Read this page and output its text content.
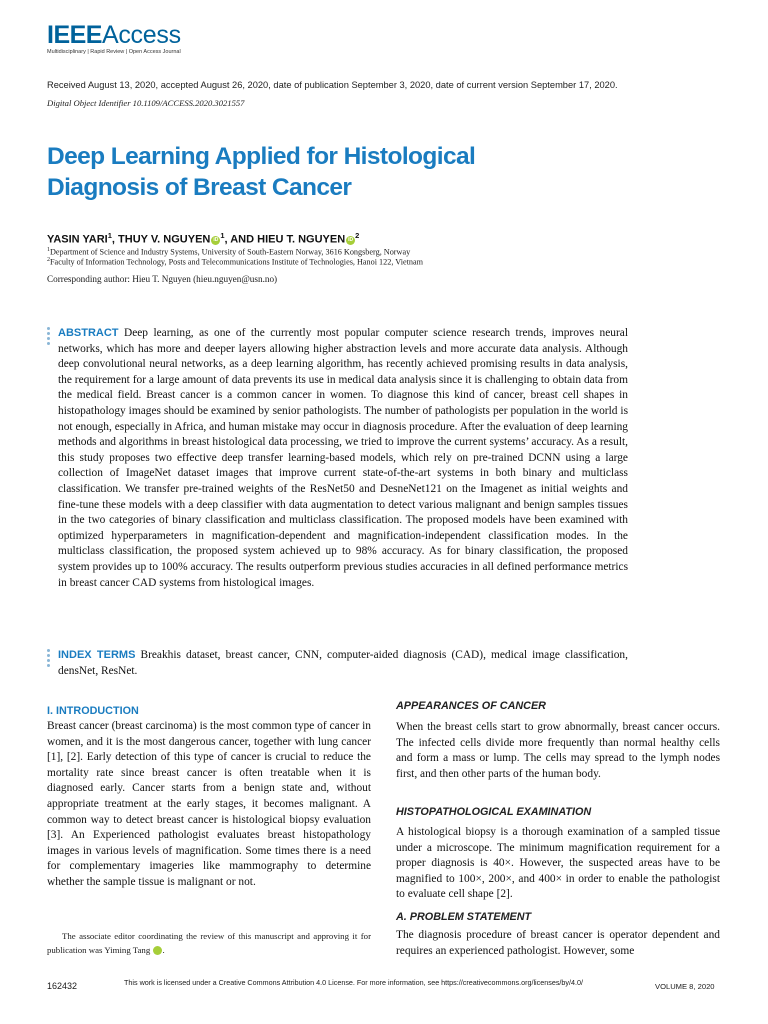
IEEEAccess
Multidisciplinary | Rapid Review | Open Access Journal
Received August 13, 2020, accepted August 26, 2020, date of publication September 3, 2020, date of current version September 17, 2020.
Digital Object Identifier 10.1109/ACCESS.2020.3021557
Deep Learning Applied for Histological
Diagnosis of Breast Cancer
YASIN YARI$^1$, THUY V. NGUYEN iD $^1$, AND HIEU T. NGUYEN iD $^2$
$^1$Department of Science and Industry Systems, University of South-Eastern Norway, 3616 Kongsberg, Norway
$^2$Faculty of Information Technology, Posts and Telecommunications Institute of Technologies, Hanoi 122, Vietnam
Corresponding author: Hieu T. Nguyen (hieu.nguyen@usn.no)
ABSTRACT Deep learning, as one of the currently most popular computer science research trends, improves neural networks, which has more and deeper layers allowing higher abstraction levels and more accurate data analysis. Although deep convolutional neural networks, as a deep learning algorithm, has recently achieved promising results in data analysis, the requirement for a large amount of data prevents its use in medical data analysis since it is challenging to obtain data from the medical field. Breast cancer is a common cancer in women. To diagnose this kind of cancer, breast cell shapes in histopathology images should be examined by senior pathologists. The number of pathologists per population in the world is not enough, especially in Africa, and human mistake may occur in diagnosis procedure. After the evaluation of deep learning methods and algorithms in breast histological data processing, we tried to improve the current systems’ accuracy. As a result, this study proposes two effective deep transfer learning-based models, which rely on pre-trained DCNN using a large collection of ImageNet dataset images that improve current state-of-the-art systems in both binary and multiclass classification. We transfer pre-trained weights of the ResNet50 and DesneNet121 on the Imagenet as initial weights and fine-tune these models with a deep classifier with data augmentation to detect various malignant and benign samples tissues in the two categories of binary classification and multiclass classification. The proposed models have been examined with optimized hyperparameters in magnification-dependent and magnification-independent classification modes. In the multiclass classification, the proposed system achieved up to 98% accuracy. As for binary classification, the proposed system provides up to 100% accuracy. The results outperform previous studies accuracies in all defined performance metrics in breast cancer CAD systems from histological images.
INDEX TERMS Breakhis dataset, breast cancer, CNN, computer-aided diagnosis (CAD), medical image classification, densNet, ResNet.
I. INTRODUCTION
Breast cancer (breast carcinoma) is the most common type of cancer in women, and it is the most dangerous cancer, together with lung cancer [1], [2]. Early detection of this type of cancer is crucial to reduce the mortality rate since breast cancer is often treatable when it is diagnosed early. Cancer starts from a benign state and, without appropriate treatment at the early stages, it becomes malignant. A common way to detect breast cancer is histological biopsy evaluation [3]. An Experienced pathologist evaluates breast histopathology images in various levels of magnification. Some times there is a need for complementary imageries like mammography to determine whether the sample tissue is malignant or not.
The associate editor coordinating the review of this manuscript and approving it for publication was Yiming Tang	iD.
APPEARANCES OF CANCER
When the breast cells start to grow abnormally, breast cancer occurs. The infected cells divide more frequently than normal healthy cells and form a mass or lump. The cells may spread to the lymph nodes first, and then other parts of the human body.
HISTOPATHOLOGICAL EXAMINATION
A histological biopsy is a thorough examination of a sampled tissue under a microscope. The minimum magnification requirement for a proper diagnosis is 40×. However, the suspected areas have to be magnified to 100×, 200×, and 400× in order to enable the pathologist to evaluate cell shape [2].
A. PROBLEM STATEMENT
The diagnosis procedure of breast cancer is operator dependent and requires an experienced pathologist. However, some
162432	This work is licensed under a Creative Commons Attribution 4.0 License. For more information, see https://creativecommons.org/licenses/by/4.0/	VOLUME 8, 2020
